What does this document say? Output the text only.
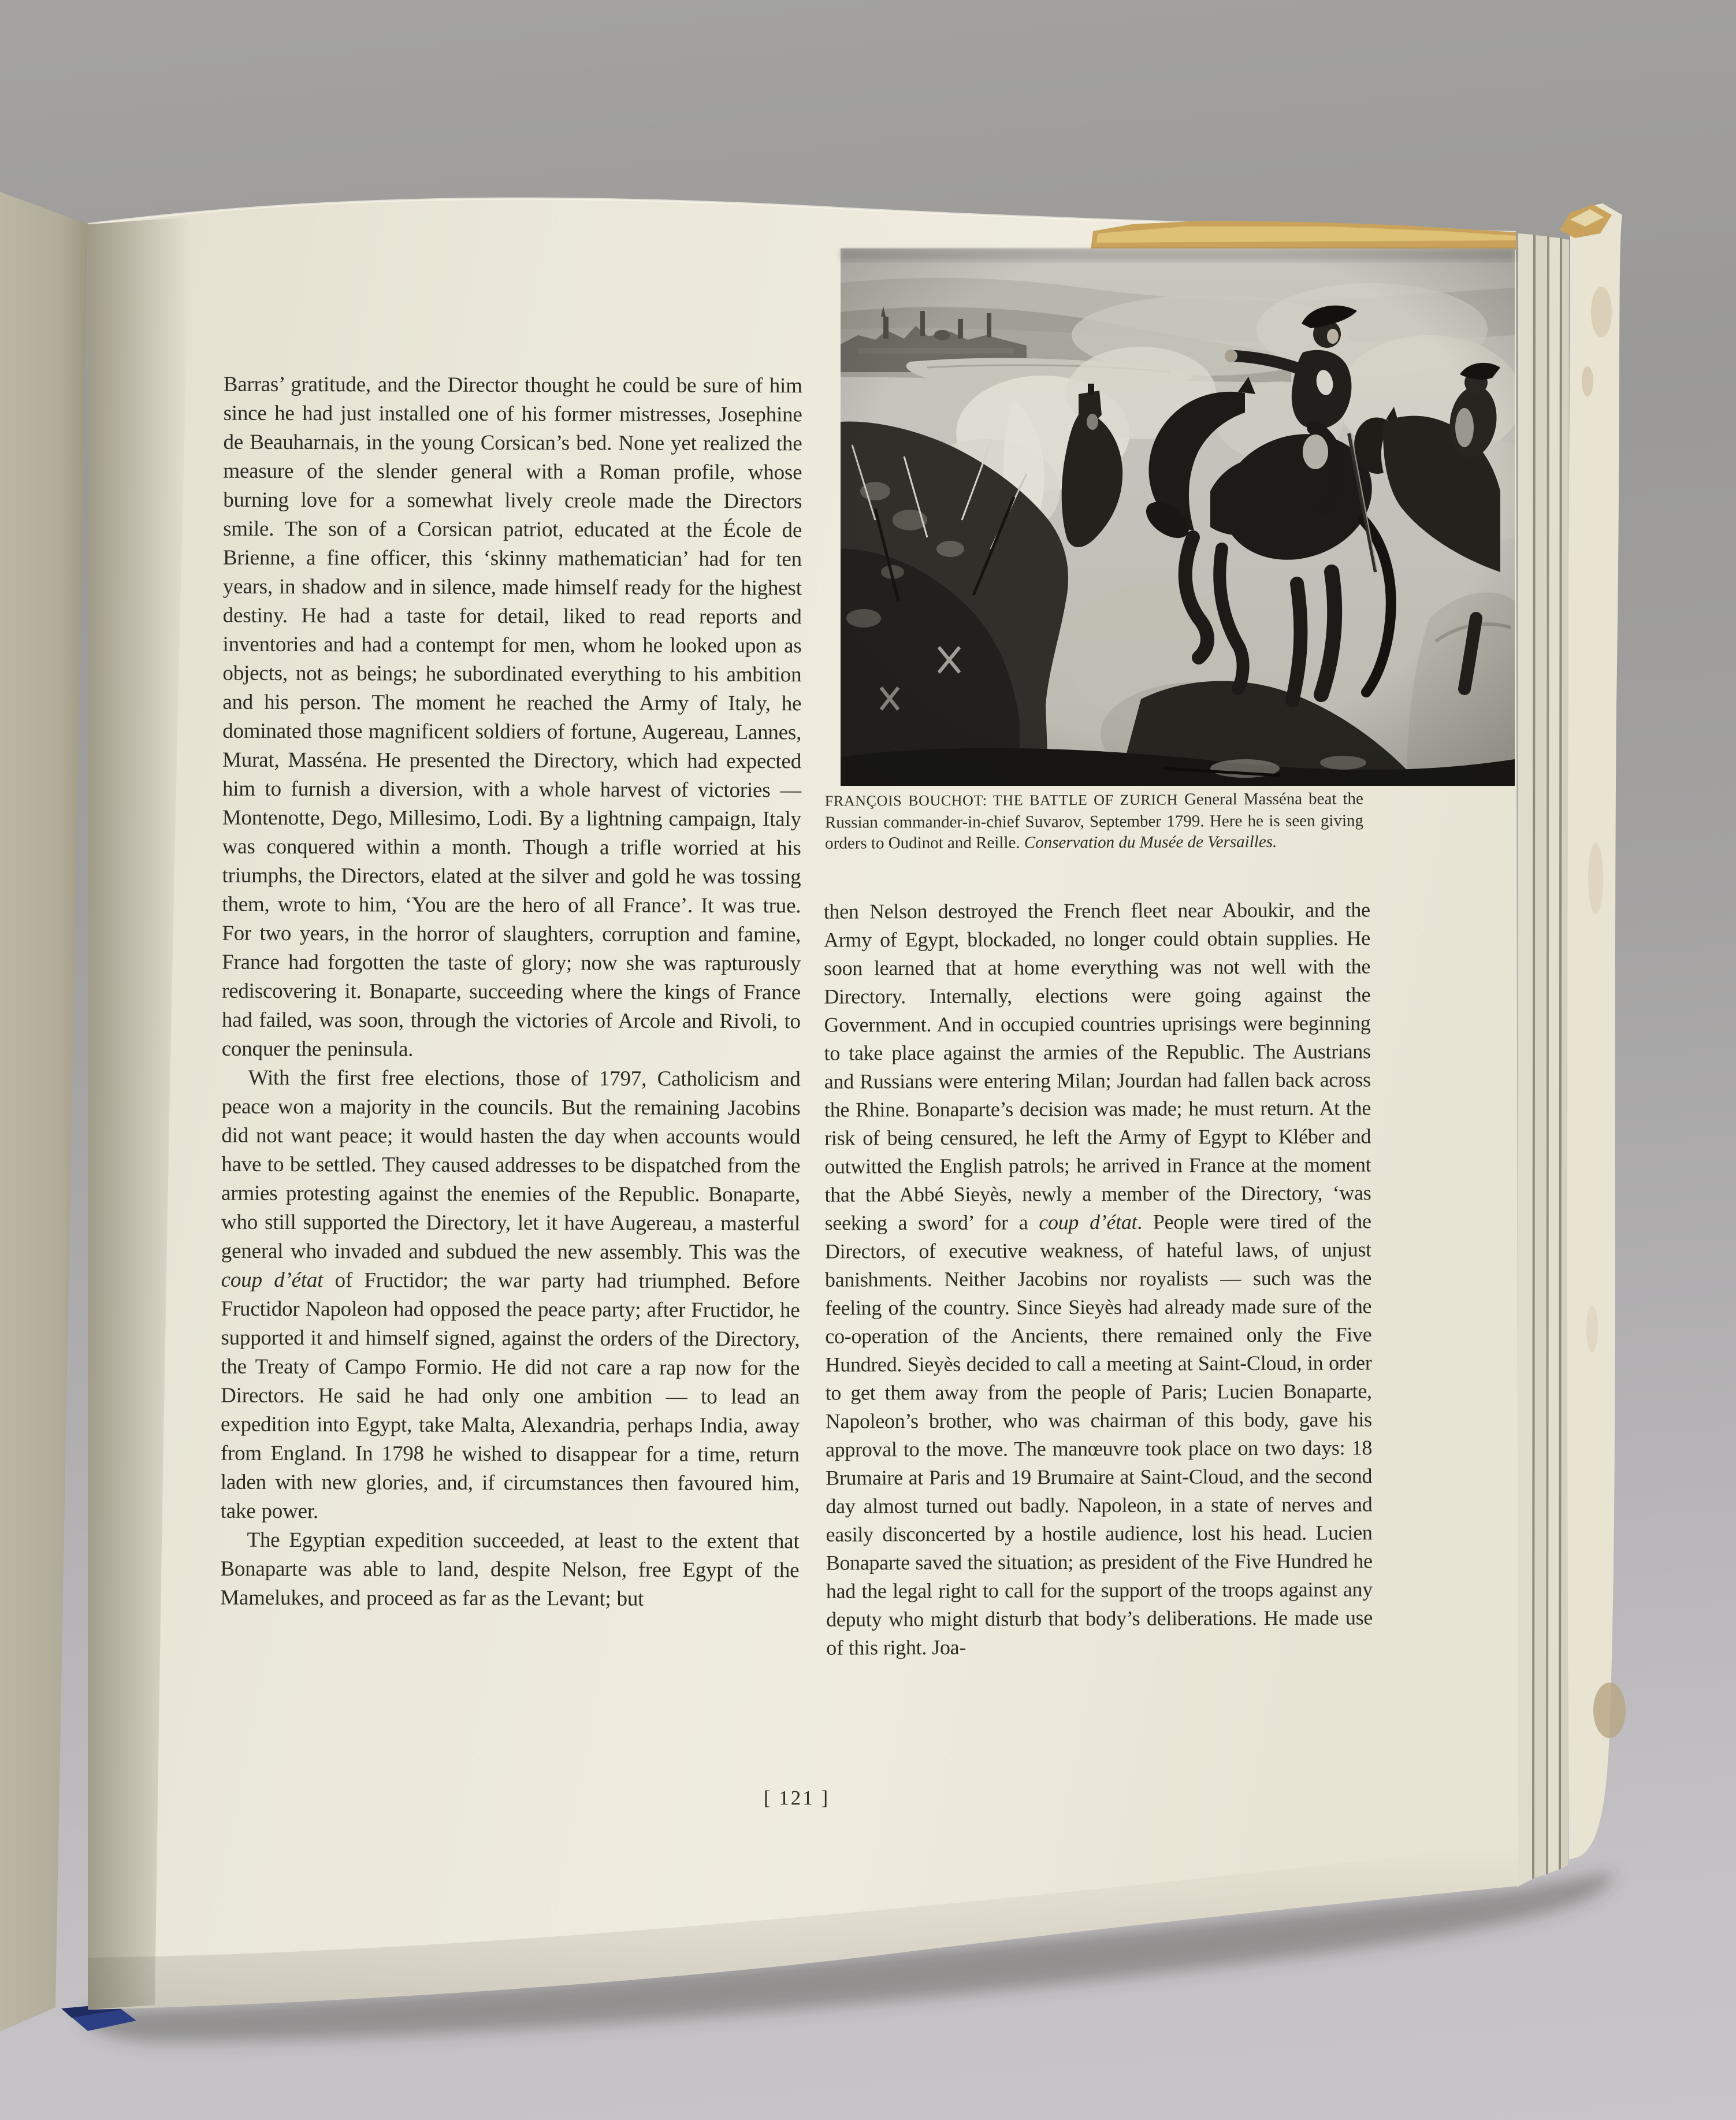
Barras’ gratitude, and the Director thought he could be sure of him since he had just installed one of his former mistresses, Josephine de Beauharnais, in the young Corsican’s bed. None yet realized the measure of the slender general with a Roman profile, whose burning love for a somewhat lively creole made the Directors smile. The son of a Corsican patriot, educated at the École de Brienne, a fine officer, this ‘skinny mathematician’ had for ten years, in shadow and in silence, made himself ready for the highest destiny. He had a taste for detail, liked to read reports and inventories and had a contempt for men, whom he looked upon as objects, not as beings; he subordinated everything to his ambition and his person. The moment he reached the Army of Italy, he dominated those magnificent soldiers of fortune, Augereau, Lannes, Murat, Masséna. He presented the Directory, which had expected him to furnish a diversion, with a whole harvest of victories — Montenotte, Dego, Millesimo, Lodi. By a lightning campaign, Italy was conquered within a month. Though a trifle worried at his triumphs, the Directors, elated at the silver and gold he was tossing them, wrote to him, ‘You are the hero of all France’. It was true. For two years, in the horror of slaughters, corruption and famine, France had forgotten the taste of glory; now she was rapturously rediscovering it. Bonaparte, succeeding where the kings of France had failed, was soon, through the victories of Arcole and Rivoli, to conquer the peninsula.

With the first free elections, those of 1797, Catholicism and peace won a majority in the councils. But the remaining Jacobins did not want peace; it would hasten the day when accounts would have to be settled. They caused addresses to be dispatched from the armies protesting against the enemies of the Republic. Bonaparte, who still supported the Directory, let it have Augereau, a masterful general who invaded and subdued the new assembly. This was the coup d’état of Fructidor; the war party had triumphed. Before Fructidor Napoleon had opposed the peace party; after Fructidor, he supported it and himself signed, against the orders of the Directory, the Treaty of Campo Formio. He did not care a rap now for the Directors. He said he had only one ambition — to lead an expedition into Egypt, take Malta, Alexandria, perhaps India, away from England. In 1798 he wished to disappear for a time, return laden with new glories, and, if circumstances then favoured him, take power.

The Egyptian expedition succeeded, at least to the extent that Bonaparte was able to land, despite Nelson, free Egypt of the Mamelukes, and proceed as far as the Levant; but

then Nelson destroyed the French fleet near Aboukir, and the Army of Egypt, blockaded, no longer could obtain supplies. He soon learned that at home everything was not well with the Directory. Internally, elections were going against the Government. And in occupied countries uprisings were beginning to take place against the armies of the Republic. The Austrians and Russians were entering Milan; Jourdan had fallen back across the Rhine. Bonaparte’s decision was made; he must return. At the risk of being censured, he left the Army of Egypt to Kléber and outwitted the English patrols; he arrived in France at the moment that the Abbé Sieyès, newly a member of the Directory, ‘was seeking a sword’ for a coup d’état. People were tired of the Directors, of executive weakness, of hateful laws, of unjust banishments. Neither Jacobins nor royalists — such was the feeling of the country. Since Sieyès had already made sure of the co-operation of the Ancients, there remained only the Five Hundred. Sieyès decided to call a meeting at Saint-Cloud, in order to get them away from the people of Paris; Lucien Bonaparte, Napoleon’s brother, who was chairman of this body, gave his approval to the move. The manœuvre took place on two days: 18 Brumaire at Paris and 19 Brumaire at Saint-Cloud, and the second day almost turned out badly. Napoleon, in a state of nerves and easily disconcerted by a hostile audience, lost his head. Lucien Bonaparte saved the situation; as president of the Five Hundred he had the legal right to call for the support of the troops against any deputy who might disturb that body’s deliberations. He made use of this right. Joa-

FRANÇOIS BOUCHOT: THE BATTLE OF ZURICH General Masséna beat the Russian commander-in-chief Suvarov, September 1799. Here he is seen giving orders to Oudinot and Reille. Conservation du Musée de Versailles.
[ 121 ]
